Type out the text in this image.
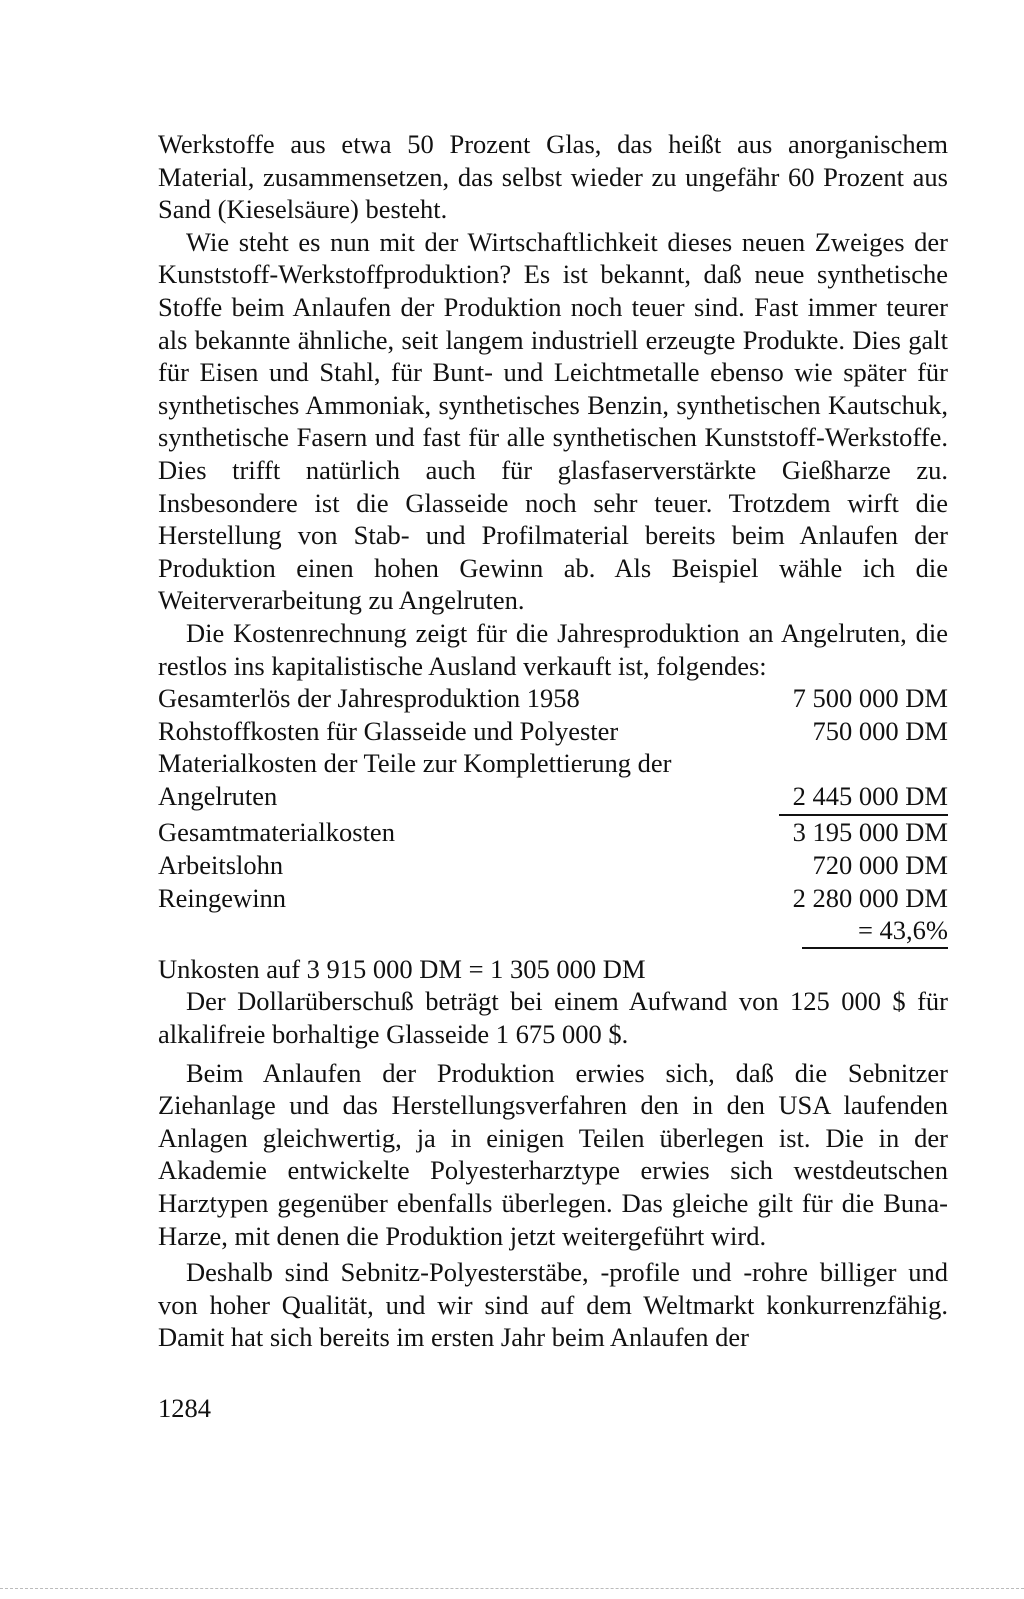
Werkstoffe aus etwa 50 Prozent Glas, das heißt aus anorganischem Material, zusammensetzen, das selbst wieder zu ungefähr 60 Prozent aus Sand (Kieselsäure) besteht.

Wie steht es nun mit der Wirtschaftlichkeit dieses neuen Zweiges der Kunststoff-Werkstoffproduktion? Es ist bekannt, daß neue synthetische Stoffe beim Anlaufen der Produktion noch teuer sind. Fast immer teurer als bekannte ähnliche, seit langem industriell erzeugte Produkte. Dies galt für Eisen und Stahl, für Bunt- und Leichtmetalle ebenso wie später für synthetisches Ammoniak, synthetisches Benzin, synthetischen Kautschuk, synthetische Fasern und fast für alle synthetischen Kunststoff-Werkstoffe. Dies trifft natürlich auch für glasfaserverstärkte Gießharze zu. Insbesondere ist die Glasseide noch sehr teuer. Trotzdem wirft die Herstellung von Stab- und Profilmaterial bereits beim Anlaufen der Produktion einen hohen Gewinn ab. Als Beispiel wähle ich die Weiterverarbeitung zu Angelruten.

Die Kostenrechnung zeigt für die Jahresproduktion an Angelruten, die restlos ins kapitalistische Ausland verkauft ist, folgendes:

Gesamterlös der Jahresproduktion 1958	7 500 000 DM
Rohstoffkosten für Glasseide und Polyester	750 000 DM
Materialkosten der Teile zur Komplettierung der	
Angelruten	2 445 000 DM
Gesamtmaterialkosten	3 195 000 DM
Arbeitslohn	720 000 DM
Reingewinn	2 280 000 DM
	= 43,6%

Unkosten auf 3 915 000 DM = 1 305 000 DM

Der Dollarüberschuß beträgt bei einem Aufwand von 125 000 $ für alkalifreie borhaltige Glasseide 1 675 000 $.

Beim Anlaufen der Produktion erwies sich, daß die Sebnitzer Ziehanlage und das Herstellungsverfahren den in den USA laufenden Anlagen gleichwertig, ja in einigen Teilen überlegen ist. Die in der Akademie entwickelte Polyesterharztype erwies sich westdeutschen Harztypen gegenüber ebenfalls überlegen. Das gleiche gilt für die Buna-Harze, mit denen die Produktion jetzt weitergeführt wird.

Deshalb sind Sebnitz-Polyesterstäbe, -profile und -rohre billiger und von hoher Qualität, und wir sind auf dem Weltmarkt konkurrenzfähig. Damit hat sich bereits im ersten Jahr beim Anlaufen der

1284
